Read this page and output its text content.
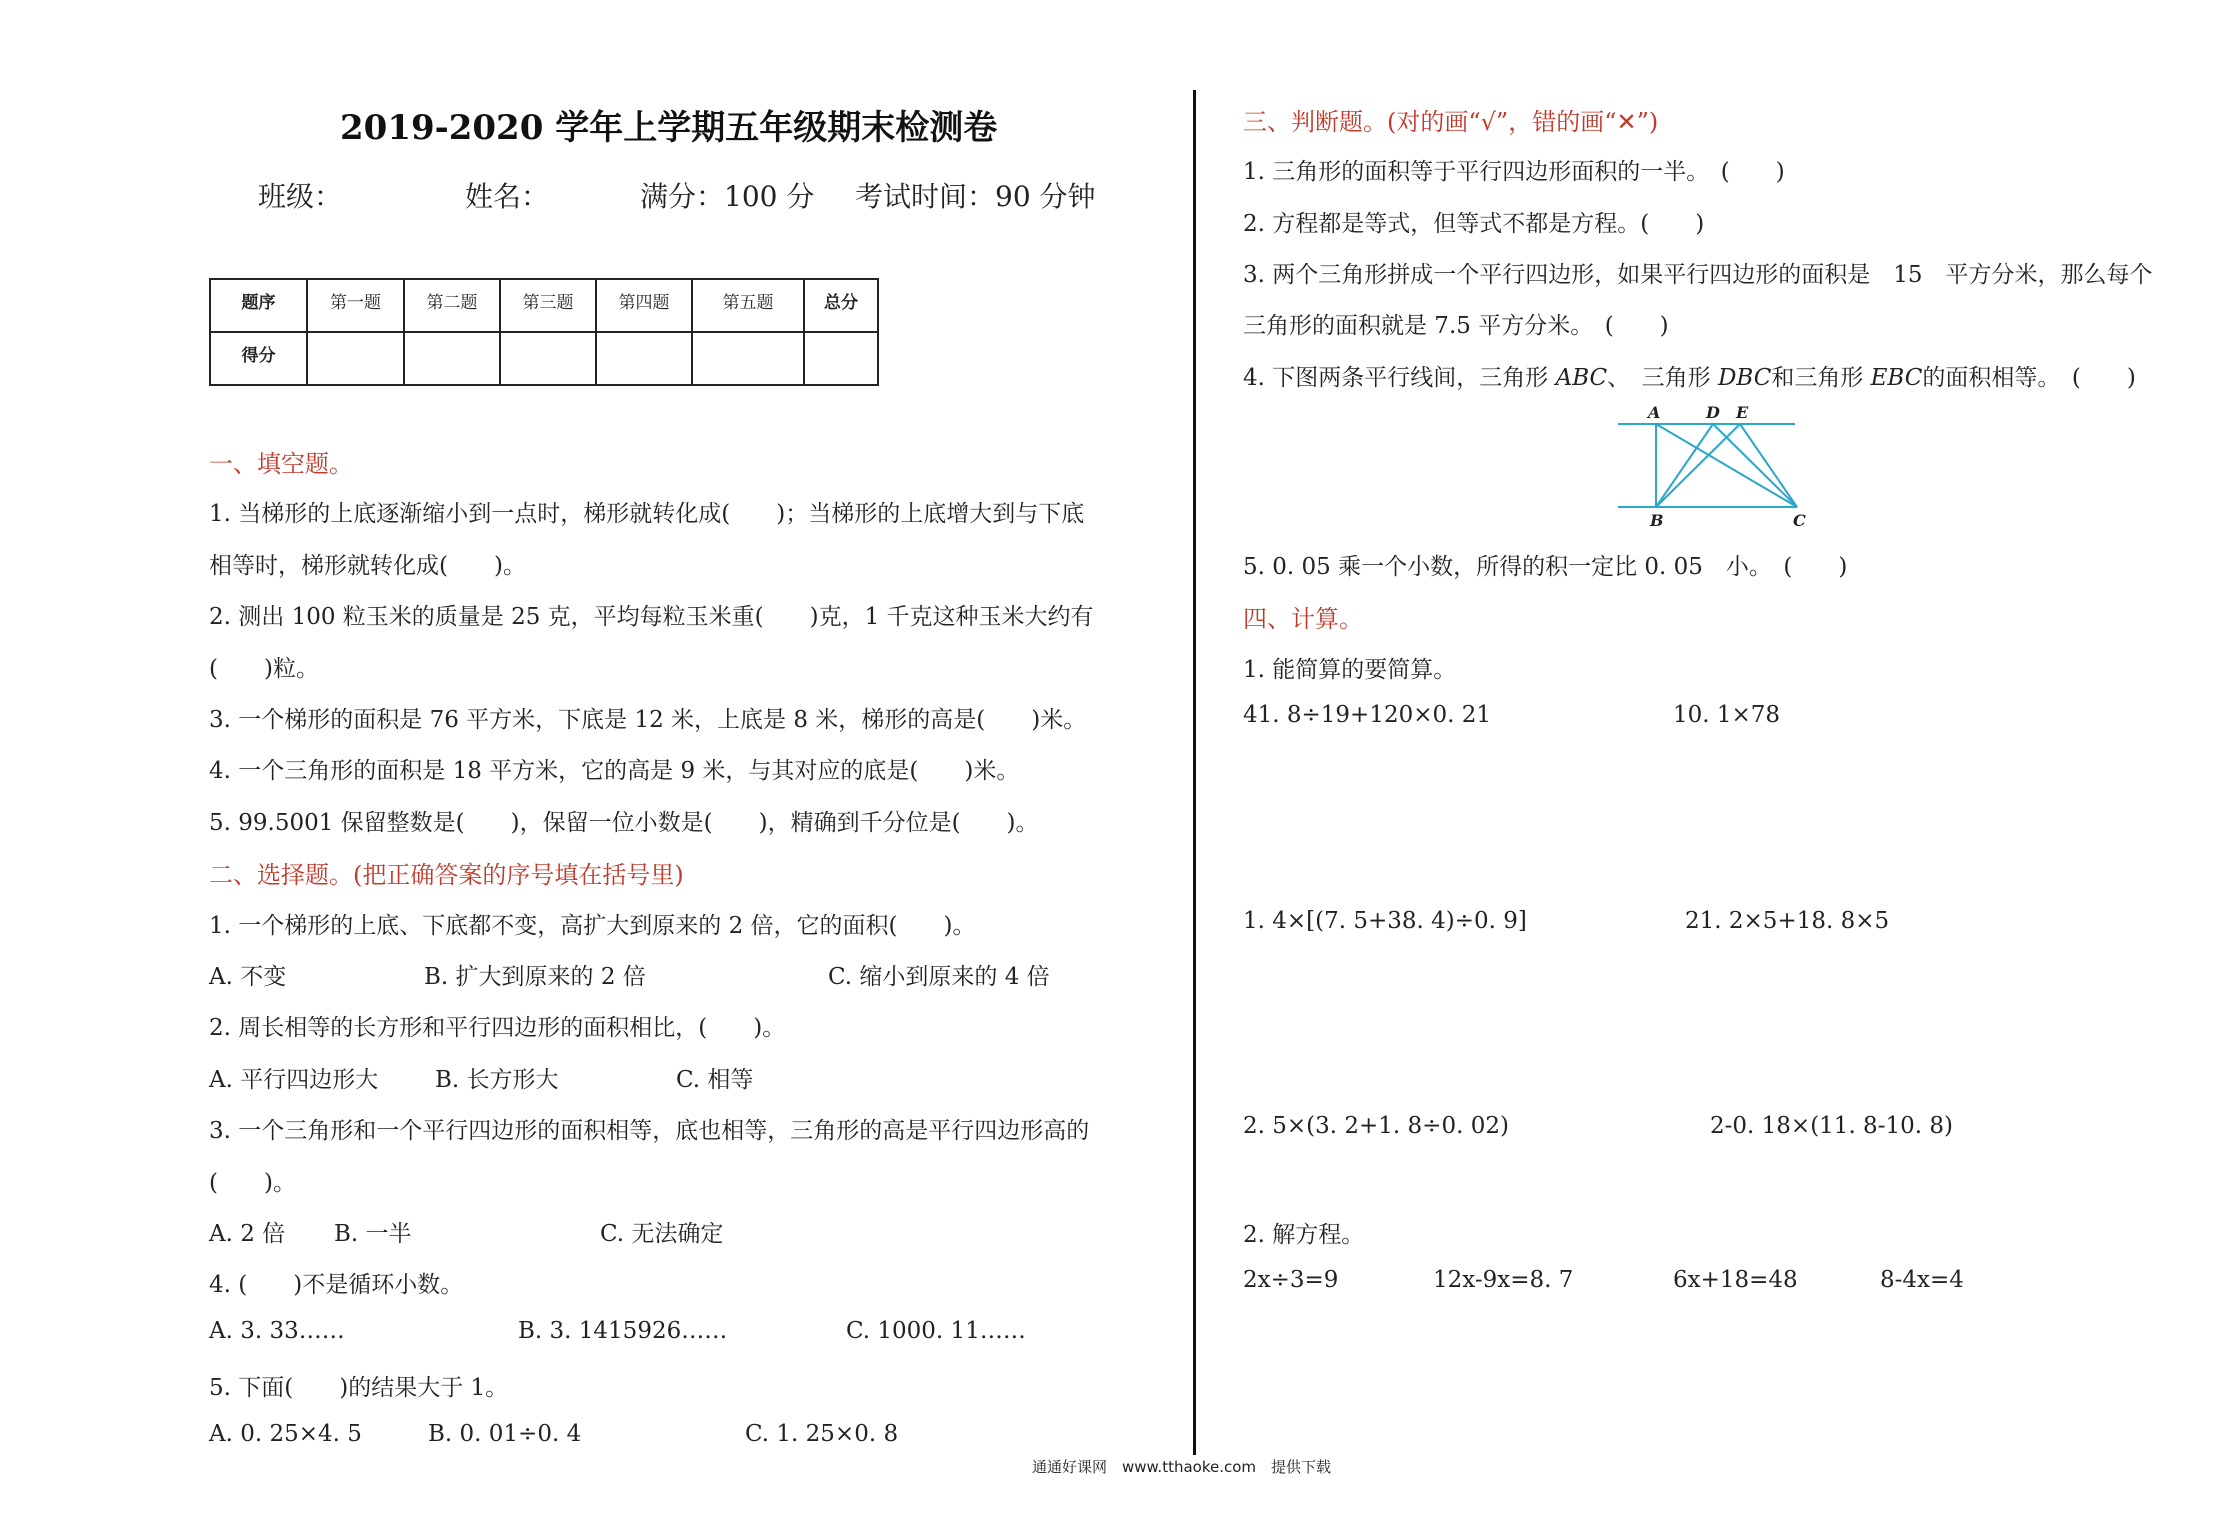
2019-2020 学年上学期五年级期末检测卷
班级：	姓名：	满分：100 分 考试时间：90 分钟
题序	第一题	第二题	第三题	第四题	第五题	总分
得分						
一、填空题。
1. 当梯形的上底逐渐缩小到一点时，梯形就转化成(　　)；当梯形的上底增大到与下底
相等时，梯形就转化成(　　)。
2. 测出 100 粒玉米的质量是 25 克，平均每粒玉米重(　　)克，1 千克这种玉米大约有
(　　)粒。
3. 一个梯形的面积是 76 平方米，下底是 12 米，上底是 8 米，梯形的高是(　　)米。
4. 一个三角形的面积是 18 平方米，它的高是 9 米，与其对应的底是(　　)米。
5. 99.5001 保留整数是(　　)，保留一位小数是(　　)，精确到千分位是(　　)。
二、选择题。(把正确答案的序号填在括号里)
1. 一个梯形的上底、下底都不变，高扩大到原来的 2 倍，它的面积(　　)。
A. 不变	B. 扩大到原来的 2 倍	C. 缩小到原来的 4 倍
2. 周长相等的长方形和平行四边形的面积相比，(　　)。
A. 平行四边形大 B. 长方形大	C. 相等
3. 一个三角形和一个平行四边形的面积相等，底也相等，三角形的高是平行四边形高的
(　　)。
A. 2 倍 B. 一半	C. 无法确定
4. (　　)不是循环小数。
A. 3. 33……	B. 3. 1415926……	C. 1000. 11……
5. 下面(　　)的结果大于 1。
A. 0. 25×4. 5	B. 0. 01÷0. 4	C. 1. 25×0. 8
三、判断题。(对的画“√”，错的画“✕”)
1. 三角形的面积等于平行四边形面积的一半。　(　　)
2. 方程都是等式，但等式不都是方程。(　　)
3. 两个三角形拼成一个平行四边形，如果平行四边形的面积是　15　平方分米，那么每个
三角形的面积就是 7.5 平方分米。　(　　)
4. 下图两条平行线间，三角形 ABC、　三角形 DBC和三角形 EBC的面积相等。　(　　)
A	D E
B	C
5. 0. 05 乘一个小数，所得的积一定比 0. 05　小。　(　　)
四、计算。
1. 能简算的要简算。
41. 8÷19+120×0. 21	10. 1×78
1. 4×[(7. 5+38. 4)÷0. 9]	21. 2×5+18. 8×5
2. 5×(3. 2+1. 8÷0. 02)	2-0. 18×(11. 8-10. 8)
2. 解方程。
2x÷3=9	12x-9x=8. 7	6x+18=48	8-4x=4
通通好课网　www.tthaoke.com　提供下载
